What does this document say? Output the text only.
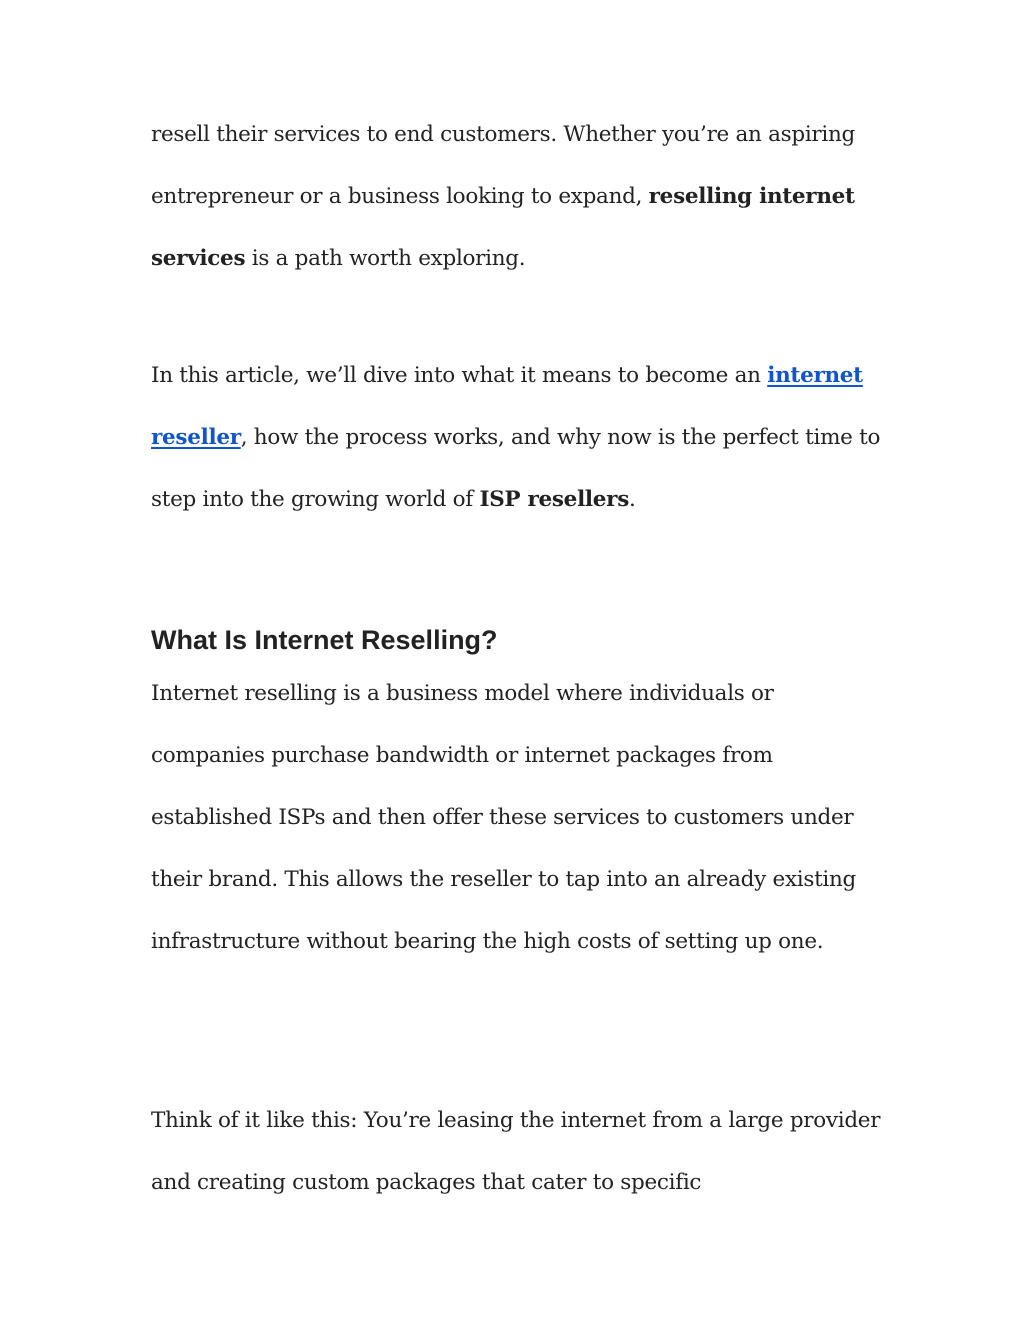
resell their services to end customers. Whether you’re an aspiring entrepreneur or a business looking to expand, reselling internet services is a path worth exploring.

In this article, we’ll dive into what it means to become an internet reseller, how the process works, and why now is the perfect time to step into the growing world of ISP resellers.

What Is Internet Reselling?

Internet reselling is a business model where individuals or companies purchase bandwidth or internet packages from established ISPs and then offer these services to customers under their brand. This allows the reseller to tap into an already existing infrastructure without bearing the high costs of setting up one.

Think of it like this: You’re leasing the internet from a large provider and creating custom packages that cater to specific
